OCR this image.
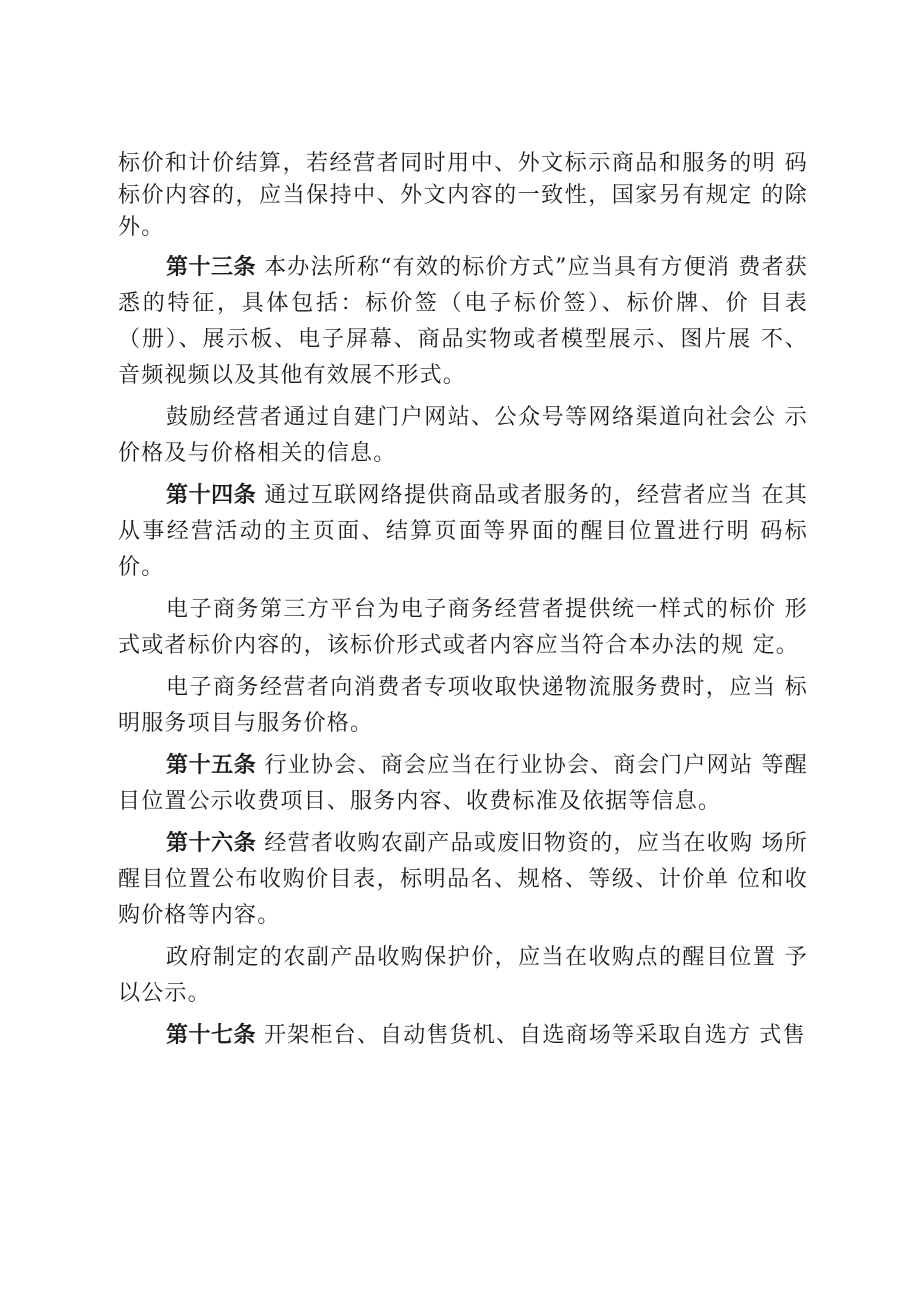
标价和计价结算，若经营者同时用中、外文标示商品和服务的明 码标价内容的，应当保持中、外文内容的一致性，国家另有规定 的除外。

第十三条 本办法所称“有效的标价方式”应当具有方便消 费者获悉的特征，具体包括：标价签（电子标价签）、标价牌、价 目表（册）、展示板、电子屏幕、商品实物或者模型展示、图片展 不、音频视频以及其他有效展不形式。

鼓励经营者通过自建门户网站、公众号等网络渠道向社会公 示价格及与价格相关的信息。

第十四条 通过互联网络提供商品或者服务的，经营者应当 在其从事经营活动的主页面、结算页面等界面的醒目位置进行明 码标价。

电子商务第三方平台为电子商务经营者提供统一样式的标价 形式或者标价内容的，该标价形式或者内容应当符合本办法的规 定。

电子商务经营者向消费者专项收取快递物流服务费时，应当 标明服务项目与服务价格。

第十五条 行业协会、商会应当在行业协会、商会门户网站 等醒目位置公示收费项目、服务内容、收费标准及依据等信息。

第十六条 经营者收购农副产品或废旧物资的，应当在收购 场所醒目位置公布收购价目表，标明品名、规格、等级、计价单 位和收购价格等内容。

政府制定的农副产品收购保护价，应当在收购点的醒目位置 予以公示。

第十七条 开架柜台、自动售货机、自选商场等采取自选方 式售
